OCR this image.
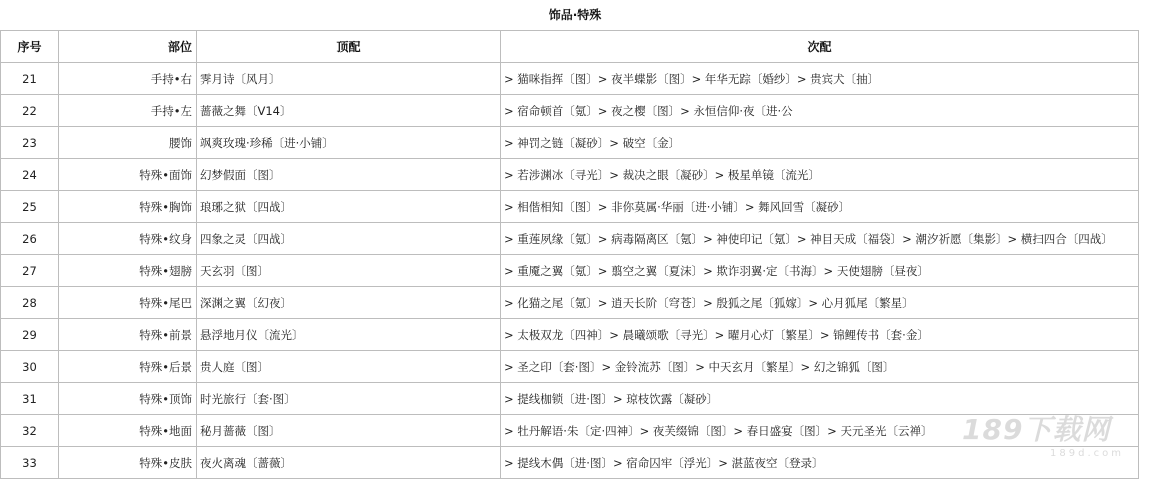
饰品·特殊
序号	部位	顶配	次配
21	手持•右	霁月诗〔风月〕	> 猫咪指挥〔图〕> 夜半蝶影〔图〕> 年华无踪〔婚纱〕> 贵宾犬〔抽〕
22	手持•左	蔷薇之舞〔V14〕	> 宿命顿首〔氪〕> 夜之樱〔图〕> 永恒信仰·夜〔进·公
23	腰饰	飒爽玫瑰·珍稀〔进·小铺〕	> 神罚之链〔凝砂〕> 破空〔金〕
24	特殊•面饰	幻梦假面〔图〕	> 若涉渊冰〔寻光〕> 裁决之眼〔凝砂〕> 极星单镜〔流光〕
25	特殊•胸饰	琅琊之狱〔四战〕	> 相偕相知〔图〕> 非你莫属·华丽〔进·小铺〕> 舞风回雪〔凝砂〕
26	特殊•纹身	四象之灵〔四战〕	> 重莲夙缘〔氪〕> 病毒隔离区〔氪〕> 神使印记〔氪〕> 神目天成〔福袋〕> 潮汐祈愿〔集影〕> 横扫四合〔四战〕
27	特殊•翅膀	天玄羽〔图〕	> 重魇之翼〔氪〕> 翦空之翼〔夏沫〕> 欺诈羽翼·定〔书海〕> 天使翅膀〔昼夜〕
28	特殊•尾巴	深渊之翼〔幻夜〕	> 化猫之尾〔氪〕> 逍天长阶〔穹苍〕> 殷狐之尾〔狐嫁〕> 心月狐尾〔繁星〕
29	特殊•前景	悬浮地月仪〔流光〕	> 太极双龙〔四神〕> 晨曦颂歌〔寻光〕> 曜月心灯〔繁星〕> 锦鲤传书〔套·金〕
30	特殊•后景	贵人庭〔图〕	> 圣之印〔套·图〕> 金铃流苏〔图〕> 中天玄月〔繁星〕> 幻之锦狐〔图〕
31	特殊•顶饰	时光旅行〔套·图〕	> 提线枷锁〔进·图〕> 琼枝饮露〔凝砂〕
32	特殊•地面	秘月蔷薇〔图〕	> 牡丹解语·朱〔定·四神〕> 夜芙缀锦〔图〕> 春日盛宴〔图〕> 天元圣光〔云禅〕
33	特殊•皮肤	夜火离魂〔蔷薇〕	> 提线木偶〔进·图〕> 宿命囚牢〔浮光〕> 湛蓝夜空〔登录〕
189下载网
189d.com
